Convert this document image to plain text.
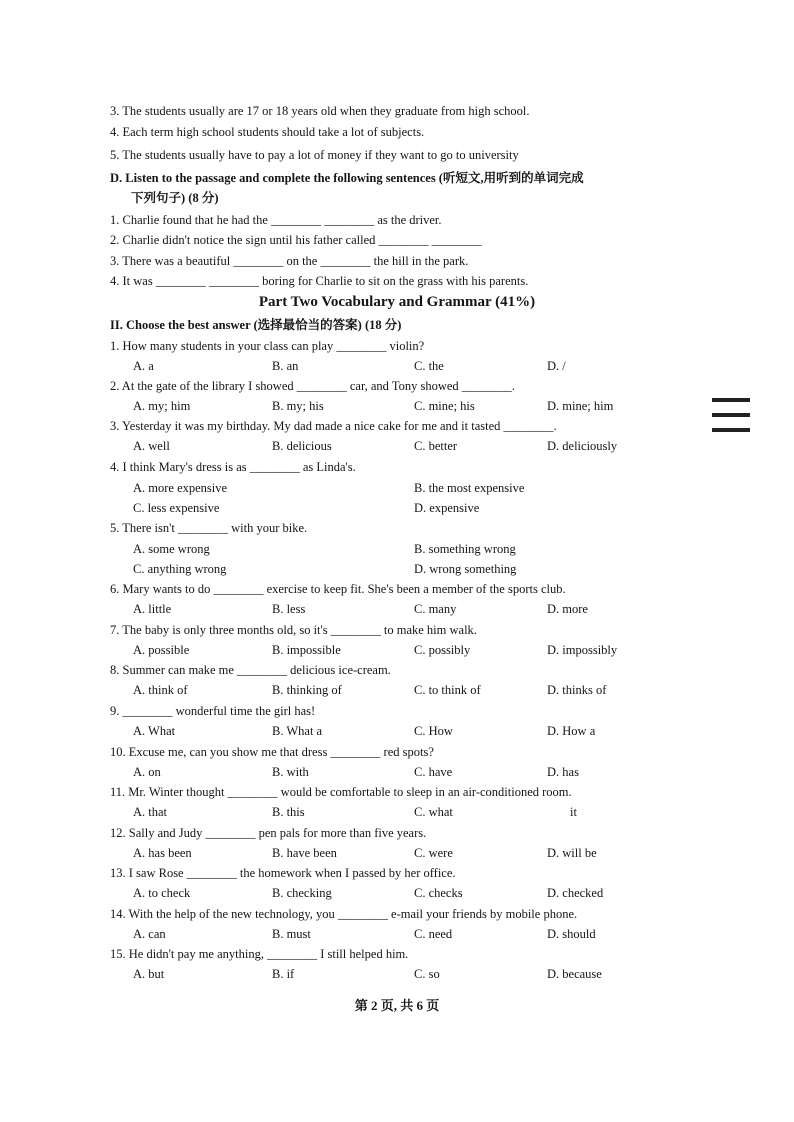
3. The students usually are 17 or 18 years old when they graduate from high school.
4. Each term high school students should take a lot of subjects.
5. The students usually have to pay a lot of money if they want to go to university
D. Listen to the passage and complete the following sentences (听短文,用听到的单词完成
下列句子) (8 分)
1. Charlie found that he had the ________ ________ as the driver.
2. Charlie didn't notice the sign until his father called ________ ________
3. There was a beautiful ________ on the ________ the hill in the park.
4. It was ________ ________ boring for Charlie to sit on the grass with his parents.
Part Two Vocabulary and Grammar (41%)
II. Choose the best answer (选择最恰当的答案) (18 分)
1. How many students in your class can play ________ violin?
A. a	B. an	C. the	D. /
2. At the gate of the library I showed ________ car, and Tony showed ________.
A. my; him	B. my; his	C. mine; his	D. mine; him
3. Yesterday it was my birthday. My dad made a nice cake for me and it tasted ________.
A. well	B. delicious	C. better	D. deliciously
4. I think Mary's dress is as ________ as Linda's.
A. more expensive	B. the most expensive
C. less expensive	D. expensive
5. There isn't ________ with your bike.
A. some wrong	B. something wrong
C. anything wrong	D. wrong something
6. Mary wants to do ________ exercise to keep fit. She's been a member of the sports club.
A. little	B. less	C. many	D. more
7. The baby is only three months old, so it's ________ to make him walk.
A. possible	B. impossible	C. possibly	D. impossibly
8. Summer can make me ________ delicious ice-cream.
A. think of	B. thinking of	C. to think of	D. thinks of
9. ________ wonderful time the girl has!
A. What	B. What a	C. How	D. How a
10. Excuse me, can you show me that dress ________ red spots?
A. on	B. with	C. have	D. has
11. Mr. Winter thought ________ would be comfortable to sleep in an air-conditioned room.
A. that	B. this	C. what	it
12. Sally and Judy ________ pen pals for more than five years.
A. has been	B. have been	C. were	D. will be
13. I saw Rose ________ the homework when I passed by her office.
A. to check	B. checking	C. checks	D. checked
14. With the help of the new technology, you ________ e-mail your friends by mobile phone.
A. can	B. must	C. need	D. should
15. He didn't pay me anything, ________ I still helped him.
A. but	B. if	C. so	D. because
第 2 页, 共 6 页
